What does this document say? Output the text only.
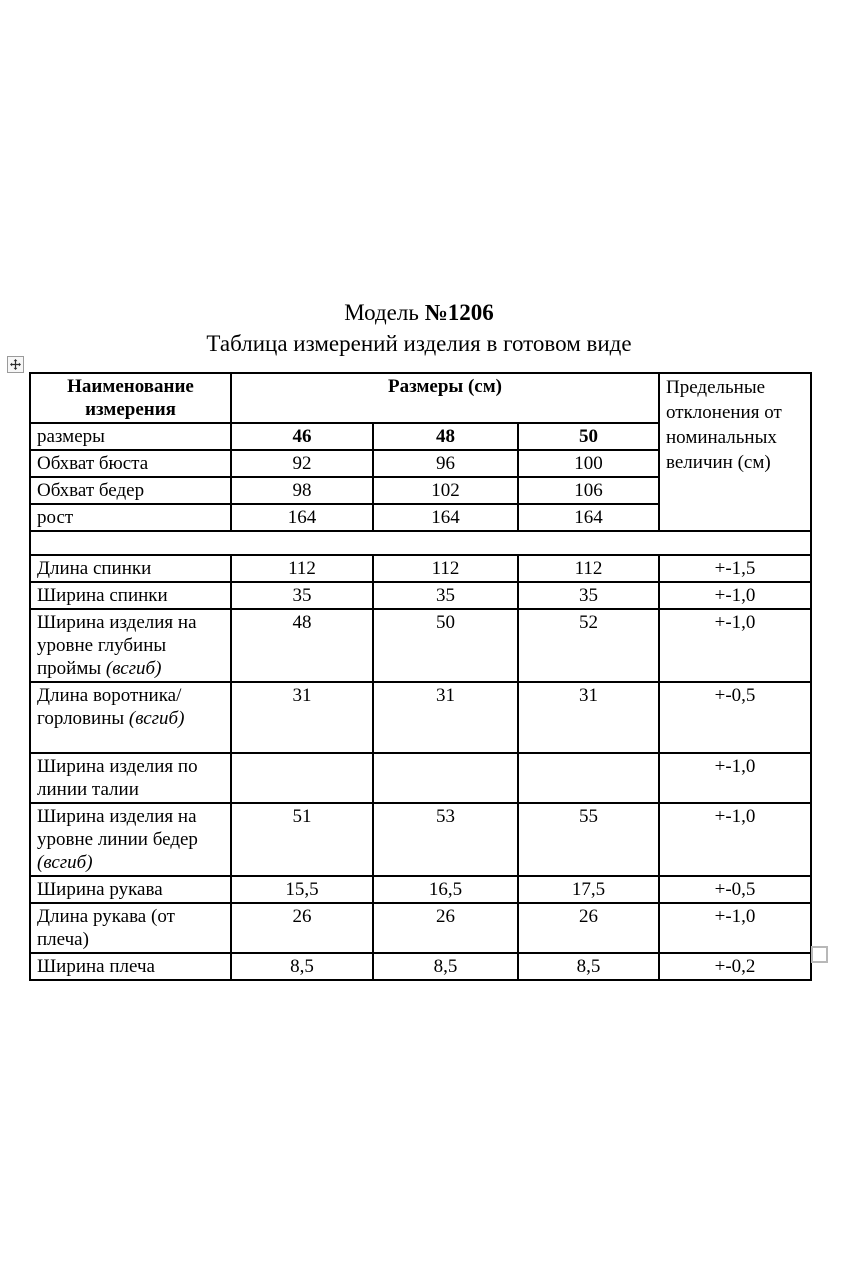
Модель №1206
Таблица измерений изделия в готовом виде
Наименование измерения	Размеры (см)			Предельные отклонения от номинальных величин (см)
размеры	46	48	50	
Обхват бюста	92	96	100	
Обхват бедер	98	102	106	
рост	164	164	164	

Длина спинки	112	112	112	+-1,5
Ширина спинки	35	35	35	+-1,0
Ширина изделия на уровне глубины проймы (всгиб)	48	50	52	+-1,0
Длина воротника/горловины (всгиб)	31	31	31	+-0,5
Ширина изделия по линии талии				+-1,0
Ширина изделия на уровне линии бедер (всгиб)	51	53	55	+-1,0
Ширина рукава	15,5	16,5	17,5	+-0,5
Длина рукава (от плеча)	26	26	26	+-1,0
Ширина плеча	8,5	8,5	8,5	+-0,2
